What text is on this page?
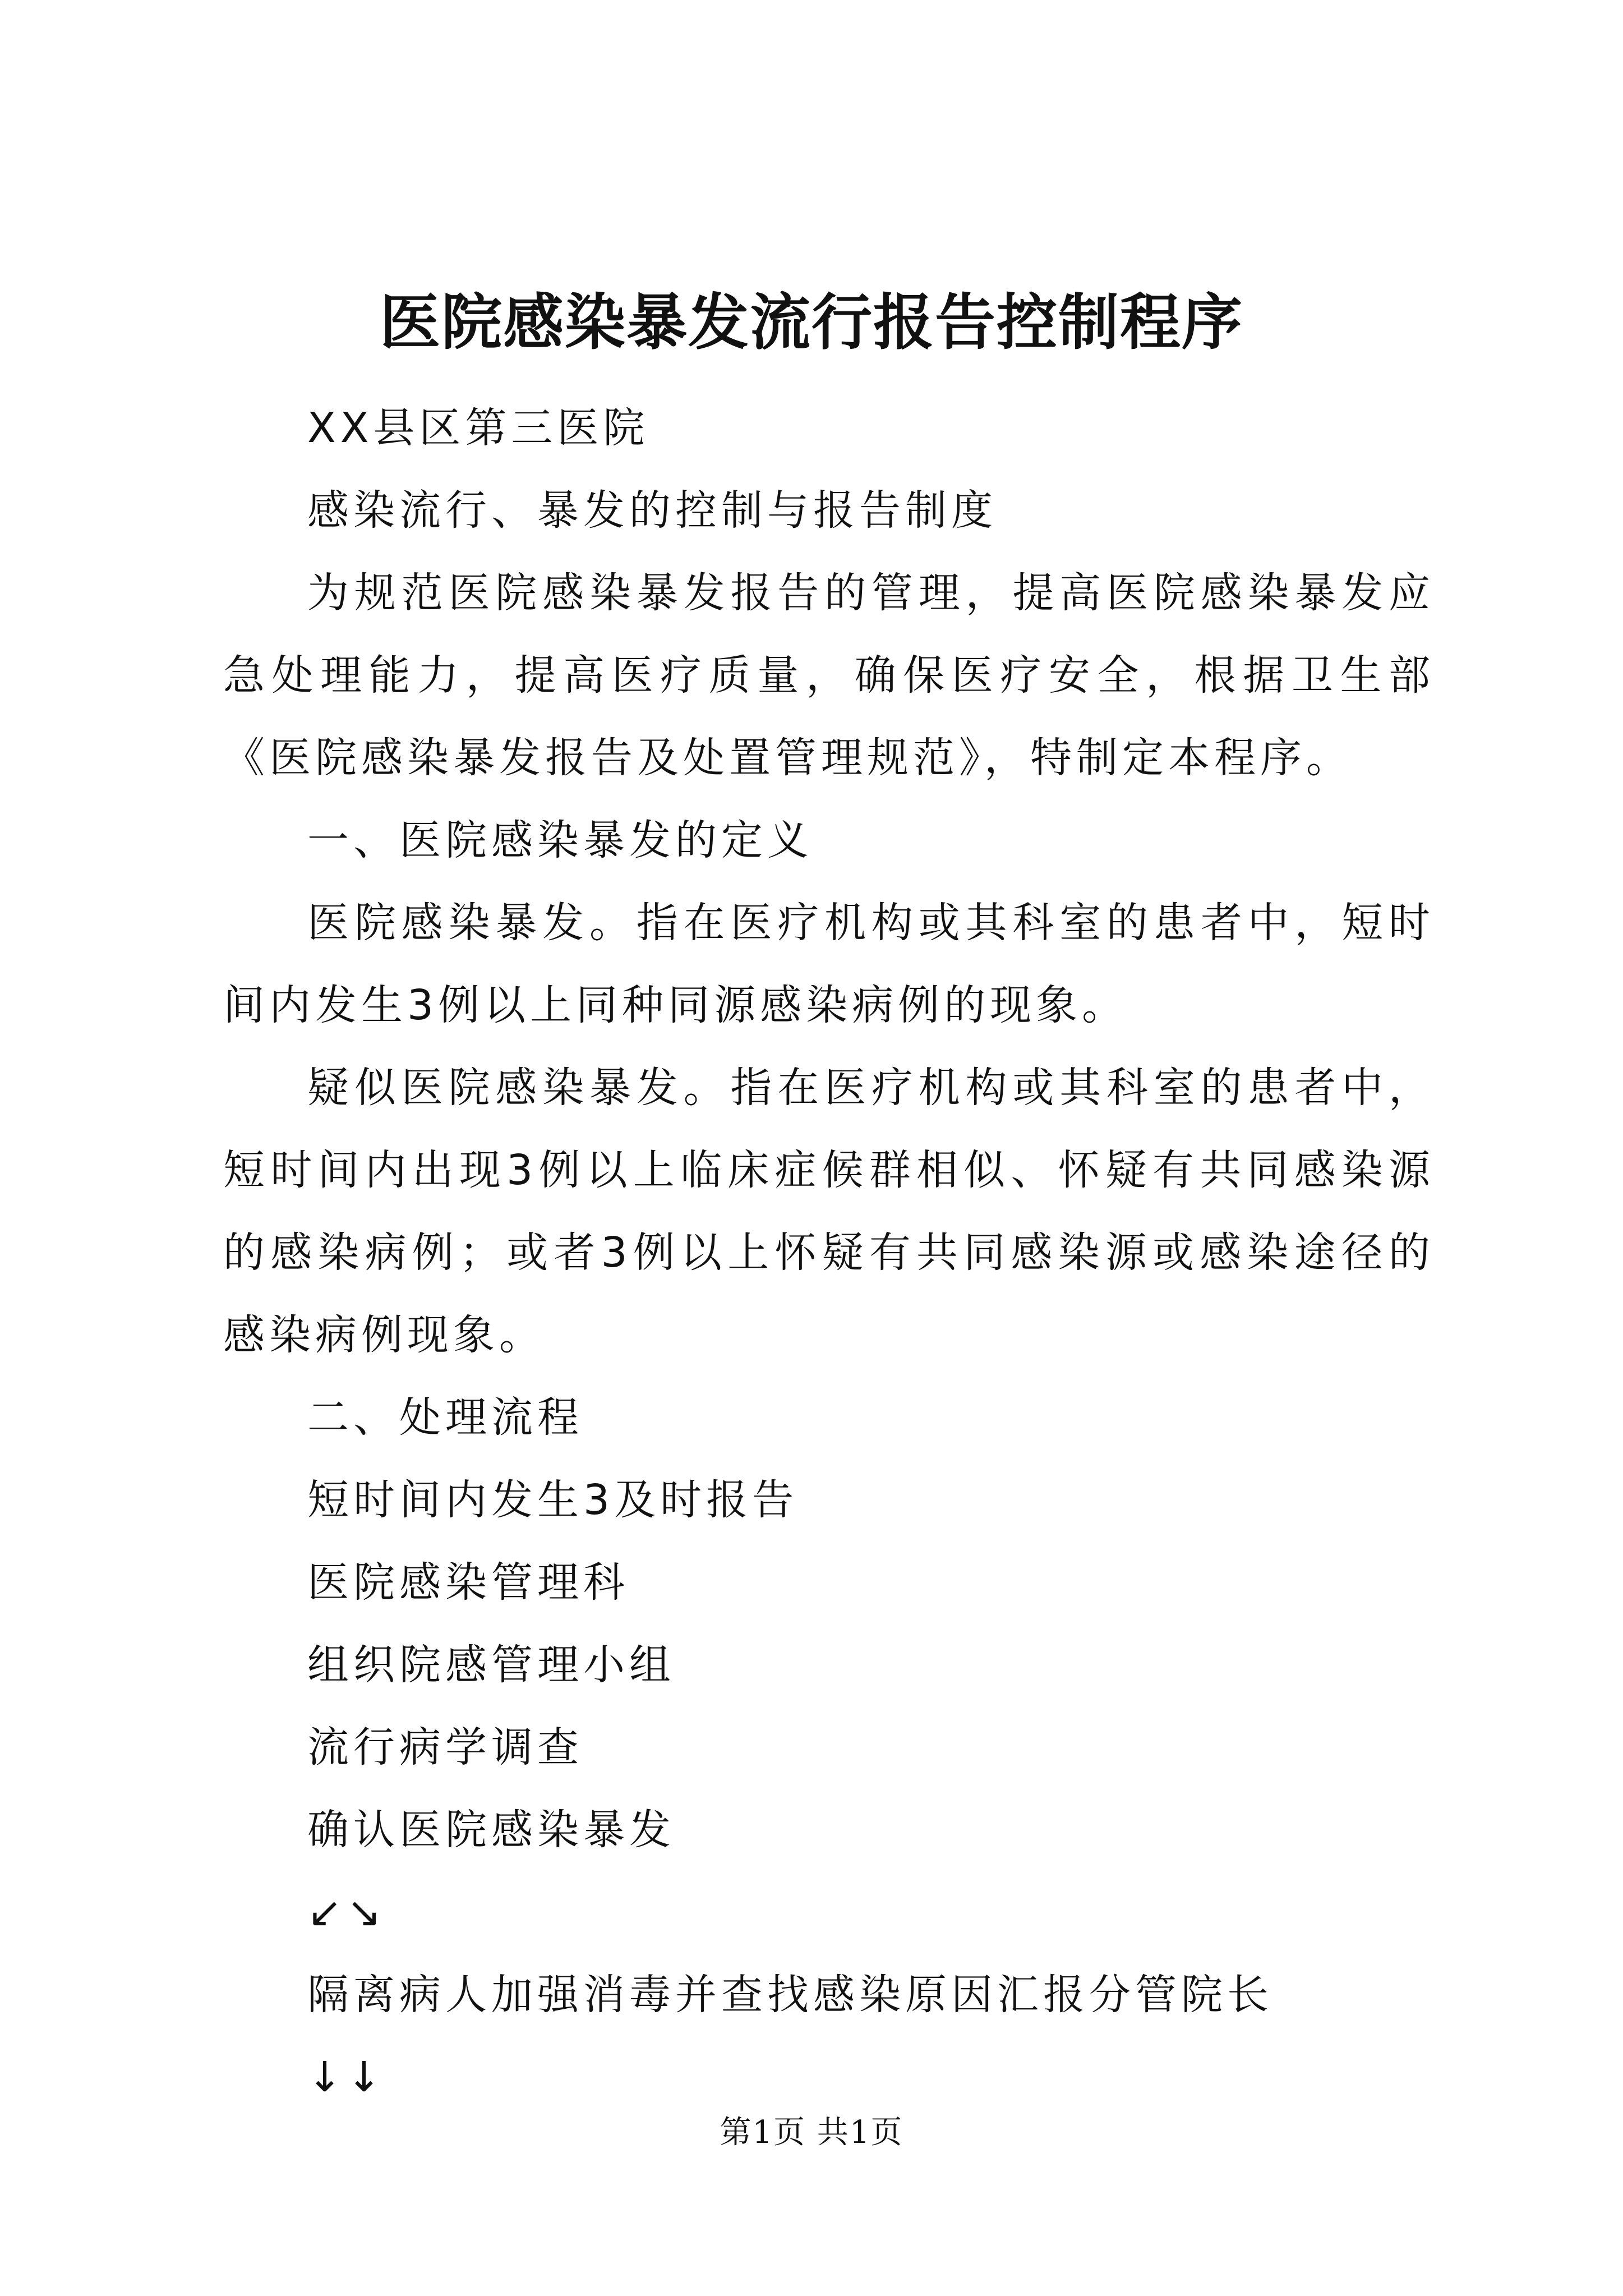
医院感染暴发流行报告控制程序

XX县区第三医院

感染流行、暴发的控制与报告制度

为规范医院感染暴发报告的管理，提高医院感染暴发应急处理能力，提高医疗质量，确保医疗安全，根据卫生部《医院感染暴发报告及处置管理规范》，特制定本程序。

一、医院感染暴发的定义

医院感染暴发。指在医疗机构或其科室的患者中，短时间内发生3例以上同种同源感染病例的现象。

疑似医院感染暴发。指在医疗机构或其科室的患者中，短时间内出现3例以上临床症候群相似、怀疑有共同感染源的感染病例；或者3例以上怀疑有共同感染源或感染途径的感染病例现象。

二、处理流程

短时间内发生3及时报告

医院感染管理科

组织院感管理小组

流行病学调查

确认医院感染暴发

↙↘

隔离病人加强消毒并查找感染原因汇报分管院长

↓↓

第1页 共1页
